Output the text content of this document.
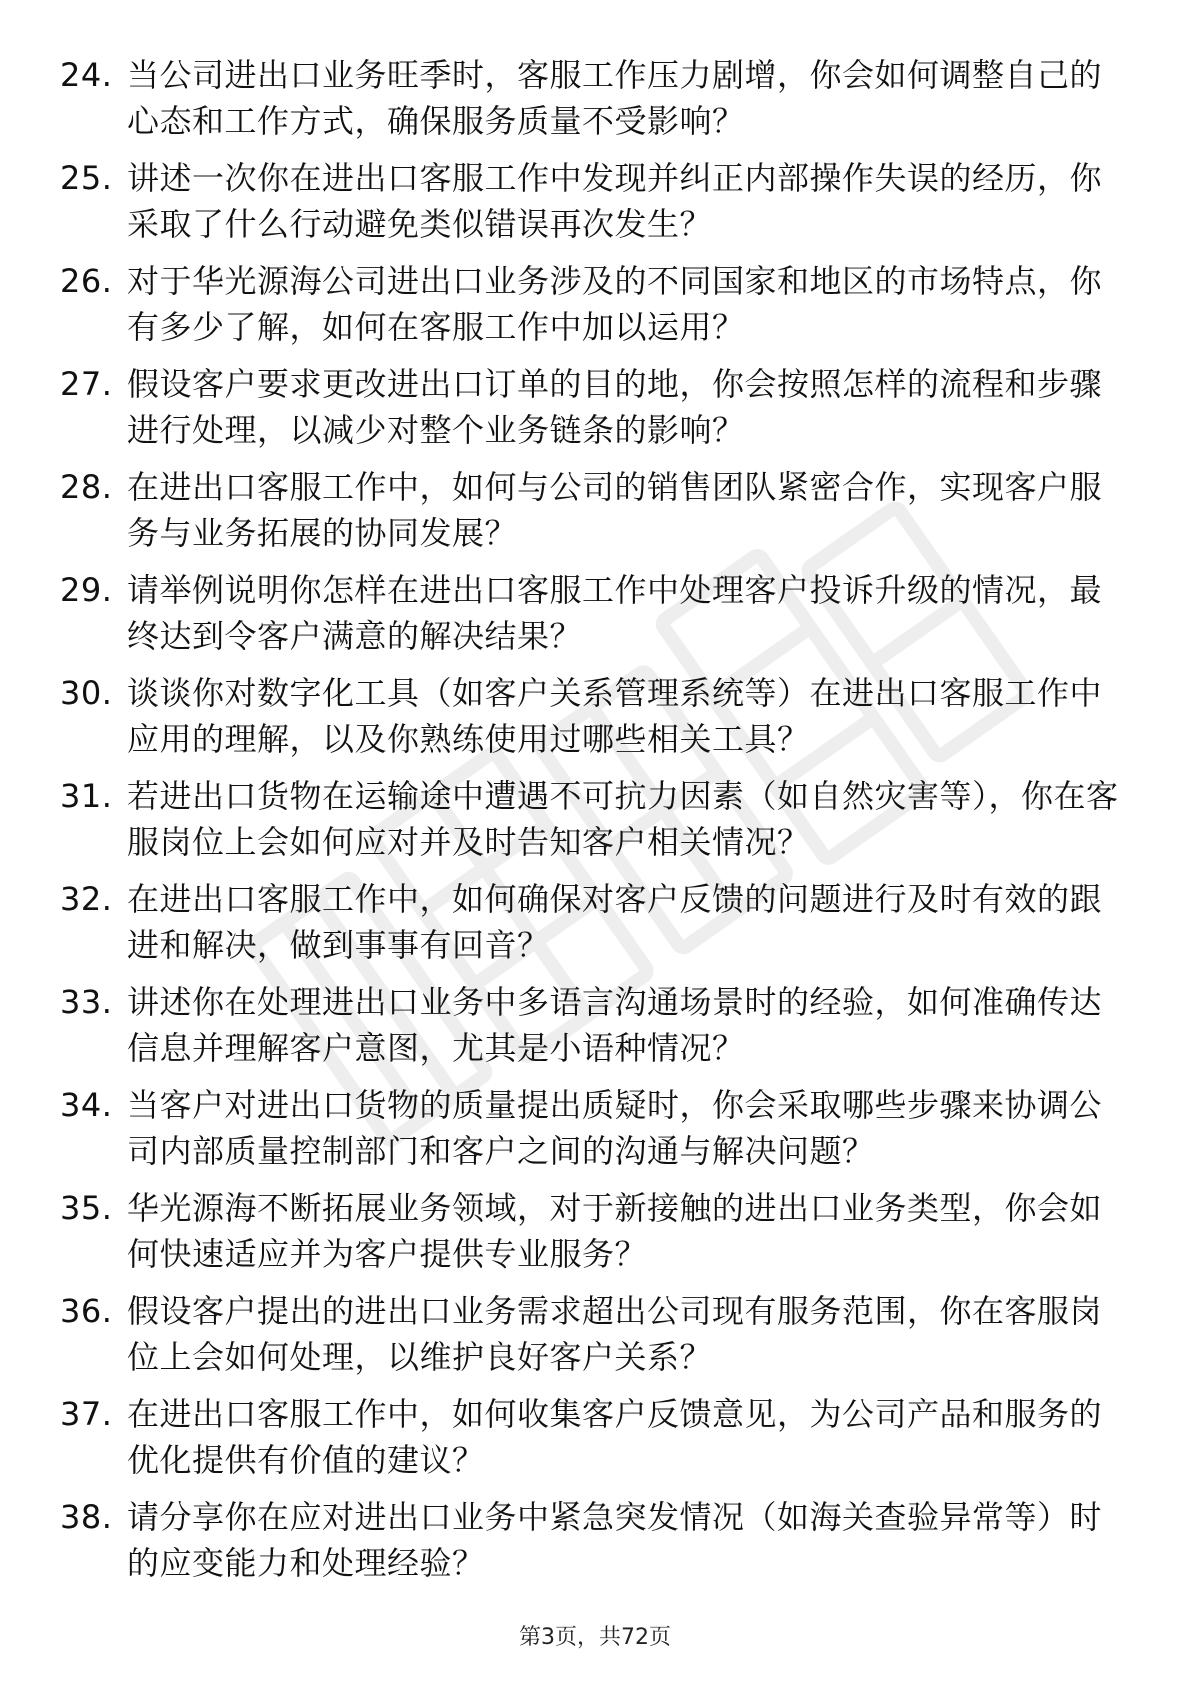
24. 当公司进出口业务旺季时，客服工作压力剧增，你会如何调整自己的心态和工作方式，确保服务质量不受影响？
25. 讲述一次你在进出口客服工作中发现并纠正内部操作失误的经历，你采取了什么行动避免类似错误再次发生？
26. 对于华光源海公司进出口业务涉及的不同国家和地区的市场特点，你有多少了解，如何在客服工作中加以运用？
27. 假设客户要求更改进出口订单的目的地，你会按照怎样的流程和步骤进行处理，以减少对整个业务链条的影响？
28. 在进出口客服工作中，如何与公司的销售团队紧密合作，实现客户服务与业务拓展的协同发展？
29. 请举例说明你怎样在进出口客服工作中处理客户投诉升级的情况，最终达到令客户满意的解决结果？
30. 谈谈你对数字化工具（如客户关系管理系统等）在进出口客服工作中应用的理解，以及你熟练使用过哪些相关工具？
31. 若进出口货物在运输途中遭遇不可抗力因素（如自然灾害等），你在客服岗位上会如何应对并及时告知客户相关情况？
32. 在进出口客服工作中，如何确保对客户反馈的问题进行及时有效的跟进和解决，做到事事有回音？
33. 讲述你在处理进出口业务中多语言沟通场景时的经验，如何准确传达信息并理解客户意图，尤其是小语种情况？
34. 当客户对进出口货物的质量提出质疑时，你会采取哪些步骤来协调公司内部质量控制部门和客户之间的沟通与解决问题？
35. 华光源海不断拓展业务领域，对于新接触的进出口业务类型，你会如何快速适应并为客户提供专业服务？
36. 假设客户提出的进出口业务需求超出公司现有服务范围，你在客服岗位上会如何处理，以维护良好客户关系？
37. 在进出口客服工作中，如何收集客户反馈意见，为公司产品和服务的优化提供有价值的建议？
38. 请分享你在应对进出口业务中紧急突发情况（如海关查验异常等）时的应变能力和处理经验？
第3页，共72页
